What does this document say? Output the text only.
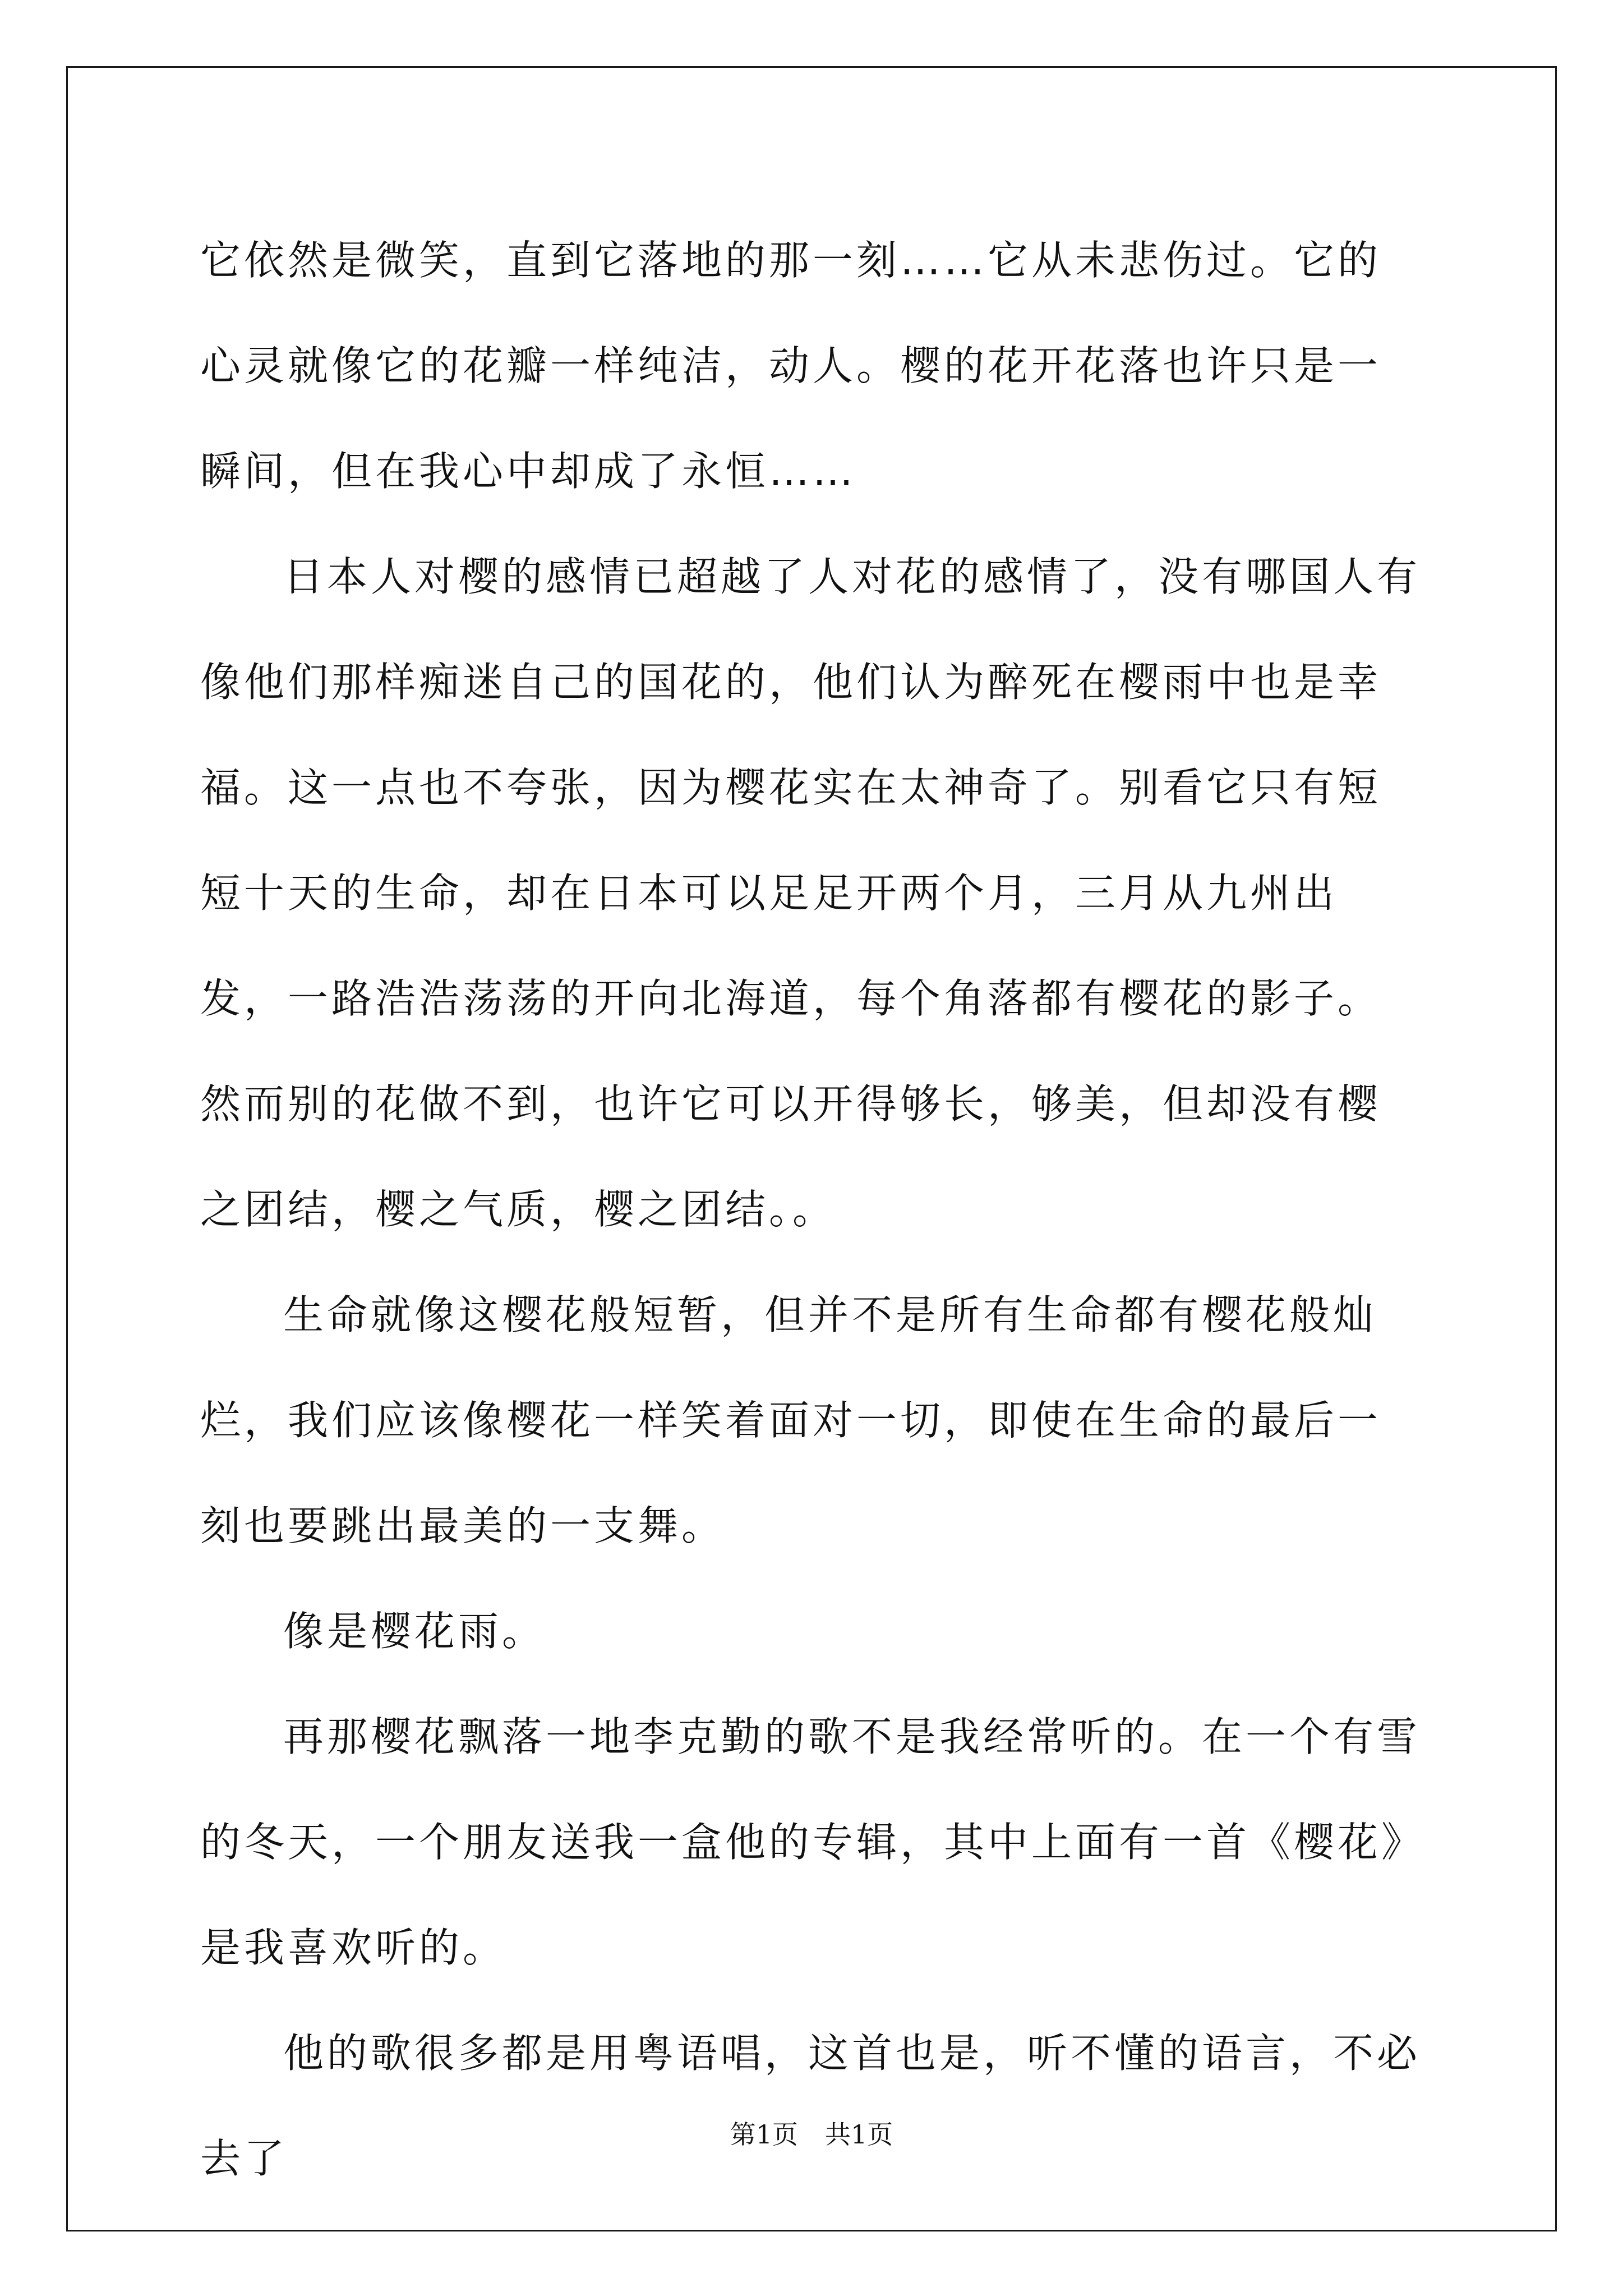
它依然是微笑，直到它落地的那一刻……它从未悲伤过。它的心灵就像它的花瓣一样纯洁，动人。樱的花开花落也许只是一瞬间，但在我心中却成了永恒……

日本人对樱的感情已超越了人对花的感情了，没有哪国人有像他们那样痴迷自己的国花的，他们认为醉死在樱雨中也是幸福。这一点也不夸张，因为樱花实在太神奇了。别看它只有短短十天的生命，却在日本可以足足开两个月，三月从九州出发，一路浩浩荡荡的开向北海道，每个角落都有樱花的影子。然而别的花做不到，也许它可以开得够长，够美，但却没有樱之团结，樱之气质，樱之团结。。

生命就像这樱花般短暂，但并不是所有生命都有樱花般灿烂，我们应该像樱花一样笑着面对一切，即使在生命的最后一刻也要跳出最美的一支舞。

像是樱花雨。

再那樱花飘落一地李克勤的歌不是我经常听的。在一个有雪的冬天，一个朋友送我一盒他的专辑，其中上面有一首《樱花》是我喜欢听的。

他的歌很多都是用粤语唱，这首也是，听不懂的语言，不必去了

第1页 共1页
